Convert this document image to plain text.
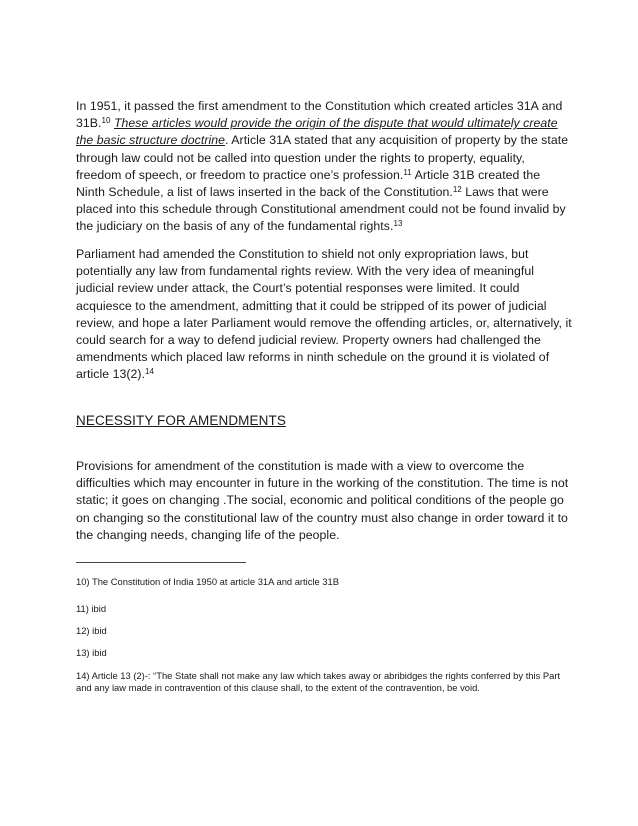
In 1951, it passed the first amendment to the Constitution which created articles 31A and 31B.$^{10}$ These articles would provide the origin of the dispute that would ultimately create the basic structure doctrine. Article 31A stated that any acquisition of property by the state through law could not be called into question under the rights to property, equality, freedom of speech, or freedom to practice one’s profession.$^{11}$ Article 31B created the Ninth Schedule, a list of laws inserted in the back of the Constitution.$^{12}$ Laws that were placed into this schedule through Constitutional amendment could not be found invalid by the judiciary on the basis of any of the fundamental rights.$^{13}$

Parliament had amended the Constitution to shield not only expropriation laws, but potentially any law from fundamental rights review. With the very idea of meaningful judicial review under attack, the Court’s potential responses were limited. It could acquiesce to the amendment, admitting that it could be stripped of its power of judicial review, and hope a later Parliament would remove the offending articles, or, alternatively, it could search for a way to defend judicial review. Property owners had challenged the amendments which placed law reforms in ninth schedule on the ground it is violated of article 13(2).$^{14}$

NECESSITY FOR AMENDMENTS

Provisions for amendment of the constitution is made with a view to overcome the difficulties which may encounter in future in the working of the constitution. The time is not static; it goes on changing .The social, economic and political conditions of the people go on changing so the constitutional law of the country must also change in order toward it to the changing needs, changing life of the people.

10) The Constitution of India 1950 at article 31A and article 31B

11) ibid

12) ibid

13) ibid

14) Article 13 (2)-: “The State shall not make any law which takes away or abribidges the rights conferred by this Part and any law made in contravention of this clause shall, to the extent of the contravention, be void.
